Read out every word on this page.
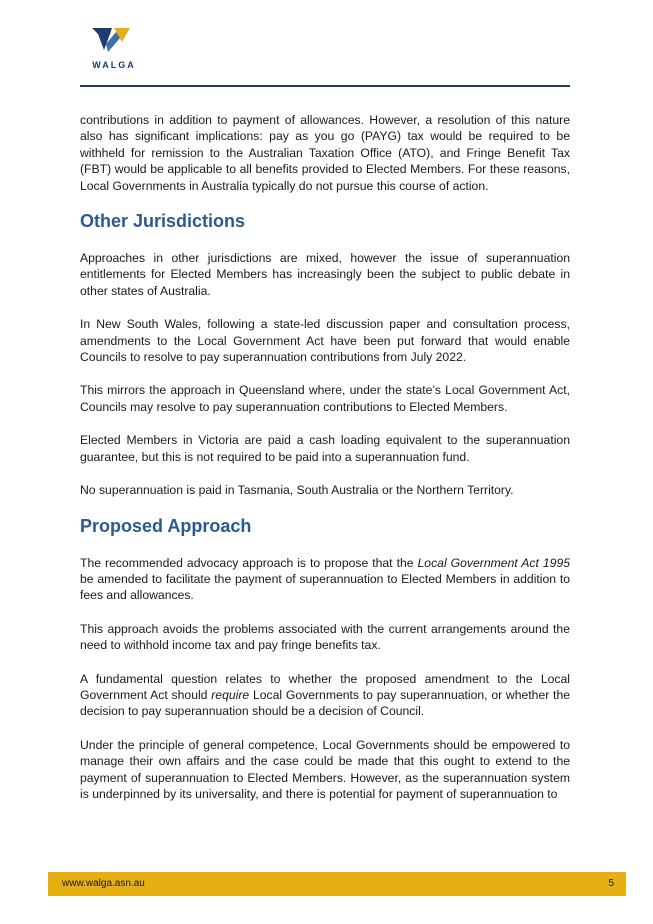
WALGA

contributions in addition to payment of allowances. However, a resolution of this nature also has significant implications: pay as you go (PAYG) tax would be required to be withheld for remission to the Australian Taxation Office (ATO), and Fringe Benefit Tax (FBT) would be applicable to all benefits provided to Elected Members. For these reasons, Local Governments in Australia typically do not pursue this course of action.

Other Jurisdictions

Approaches in other jurisdictions are mixed, however the issue of superannuation entitlements for Elected Members has increasingly been the subject to public debate in other states of Australia.

In New South Wales, following a state-led discussion paper and consultation process, amendments to the Local Government Act have been put forward that would enable Councils to resolve to pay superannuation contributions from July 2022.

This mirrors the approach in Queensland where, under the state’s Local Government Act, Councils may resolve to pay superannuation contributions to Elected Members.

Elected Members in Victoria are paid a cash loading equivalent to the superannuation guarantee, but this is not required to be paid into a superannuation fund.

No superannuation is paid in Tasmania, South Australia or the Northern Territory.

Proposed Approach

The recommended advocacy approach is to propose that the Local Government Act 1995 be amended to facilitate the payment of superannuation to Elected Members in addition to fees and allowances.

This approach avoids the problems associated with the current arrangements around the need to withhold income tax and pay fringe benefits tax.

A fundamental question relates to whether the proposed amendment to the Local Government Act should require Local Governments to pay superannuation, or whether the decision to pay superannuation should be a decision of Council.

Under the principle of general competence, Local Governments should be empowered to manage their own affairs and the case could be made that this ought to extend to the payment of superannuation to Elected Members. However, as the superannuation system is underpinned by its universality, and there is potential for payment of superannuation to

www.walga.asn.au	5
